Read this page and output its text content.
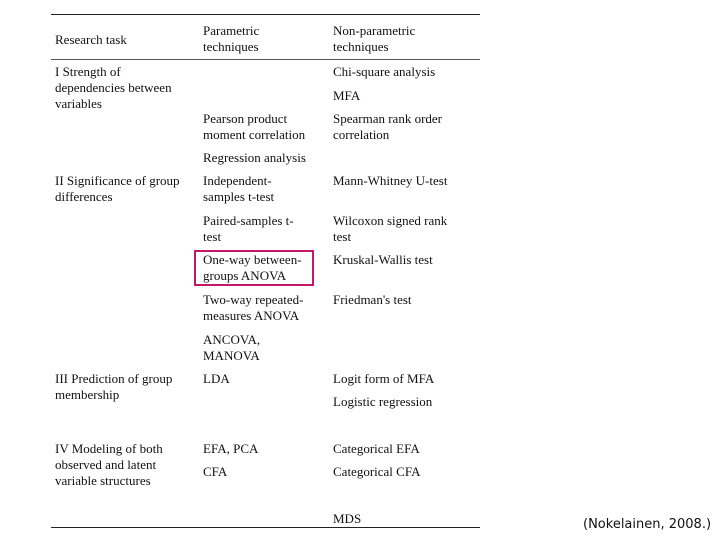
Research task
Parametric
techniques
Non-parametric
techniques
I Strength of
dependencies between
variables
II Significance of group
differences
III Prediction of group
membership
IV Modeling of both
observed and latent
variable structures
Pearson product
moment correlation
Regression analysis
Independent-
samples t-test
Paired-samples t-
test
One-way between-
groups ANOVA
Two-way repeated-
measures ANOVA
ANCOVA,
MANOVA
LDA
EFA, PCA
CFA
Chi-square analysis
MFA
Spearman rank order
correlation
Mann-Whitney U-test
Wilcoxon signed rank
test
Kruskal-Wallis test
Friedman's test
Logit form of MFA
Logistic regression
Categorical EFA
Categorical CFA
MDS	(Nokelainen, 2008.)
